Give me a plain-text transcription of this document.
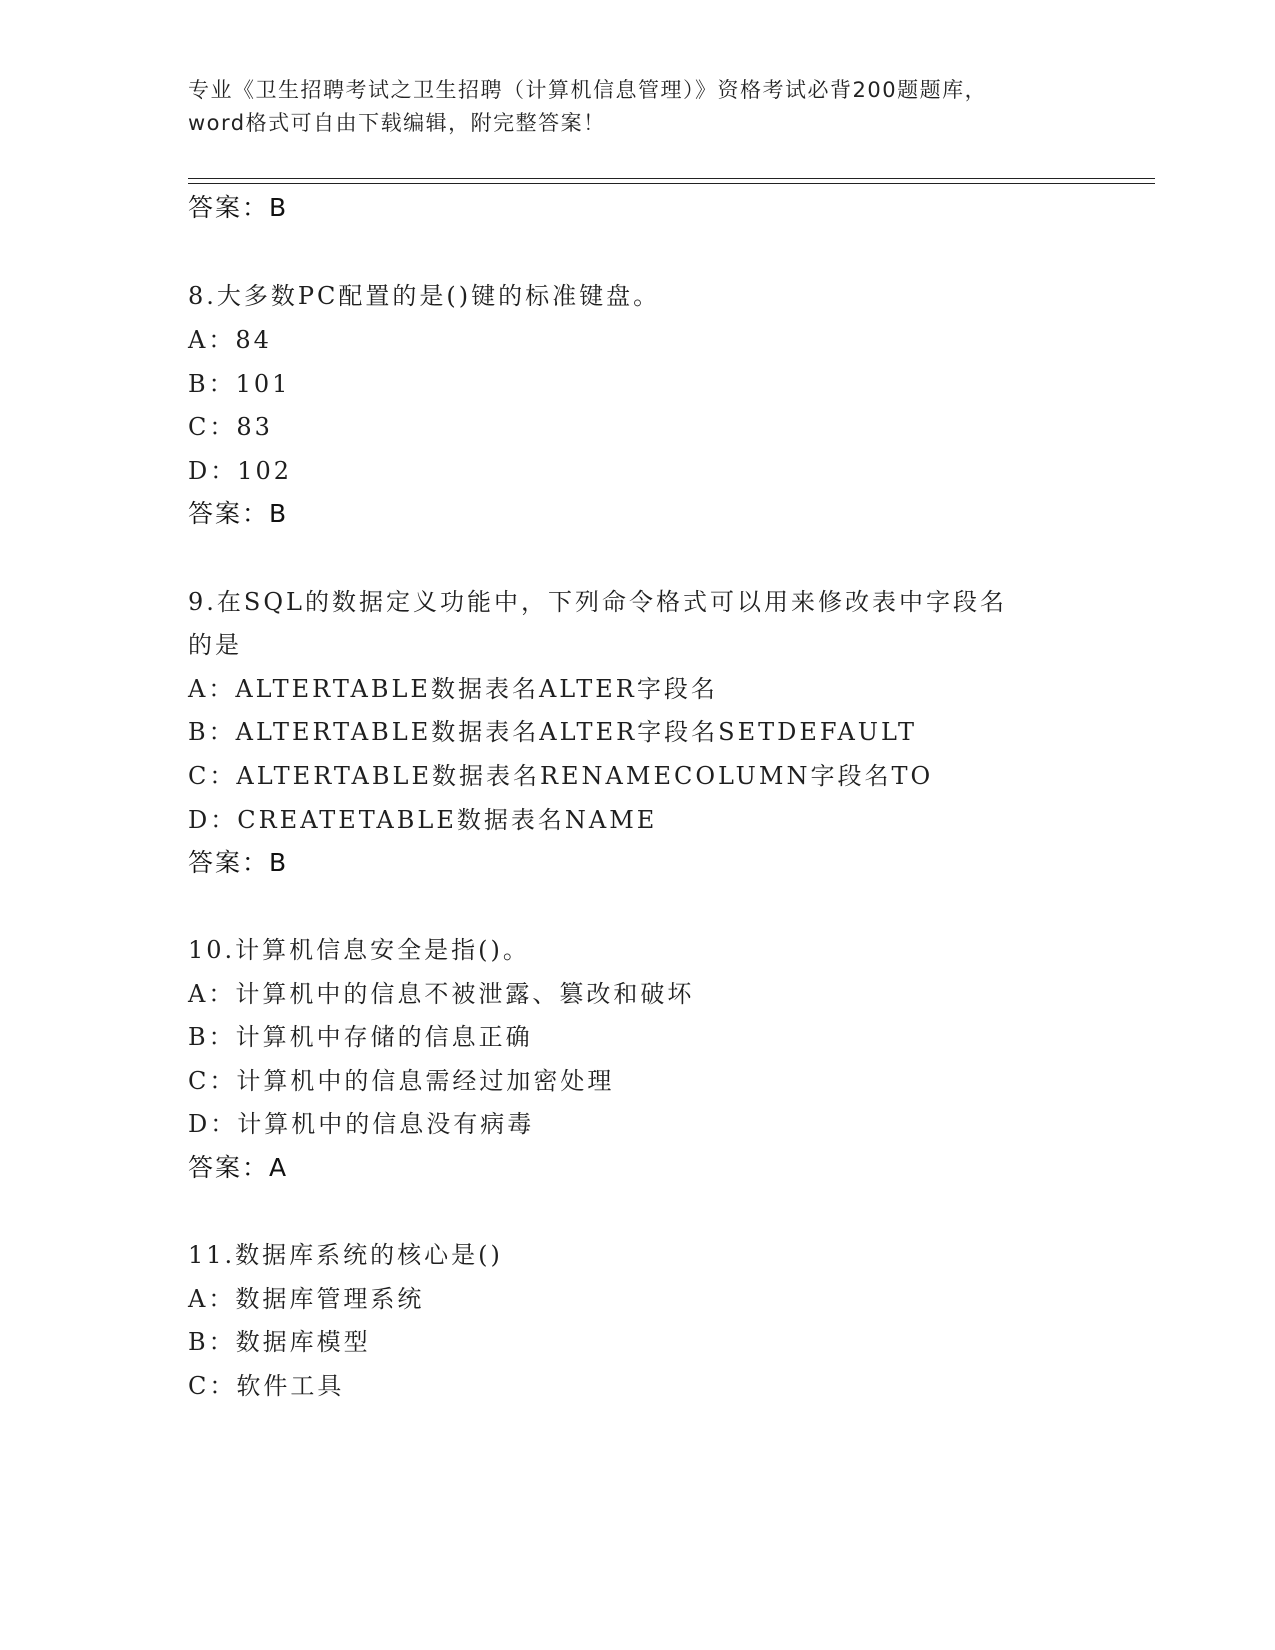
专业《卫生招聘考试之卫生招聘（计算机信息管理）》资格考试必背200题题库，
word格式可自由下载编辑，附完整答案！
答案：B
8.大多数PC配置的是()键的标准键盘。
A：84
B：101
C：83
D：102
答案：B
9.在SQL的数据定义功能中，下列命令格式可以用来修改表中字段名
的是
A：ALTERTABLE数据表名ALTER字段名
B：ALTERTABLE数据表名ALTER字段名SETDEFAULT
C：ALTERTABLE数据表名RENAMECOLUMN字段名TO
D：CREATETABLE数据表名NAME
答案：B
10.计算机信息安全是指()。
A：计算机中的信息不被泄露、篡改和破坏
B：计算机中存储的信息正确
C：计算机中的信息需经过加密处理
D：计算机中的信息没有病毒
答案：A
11.数据库系统的核心是()
A：数据库管理系统
B：数据库模型
C：软件工具
